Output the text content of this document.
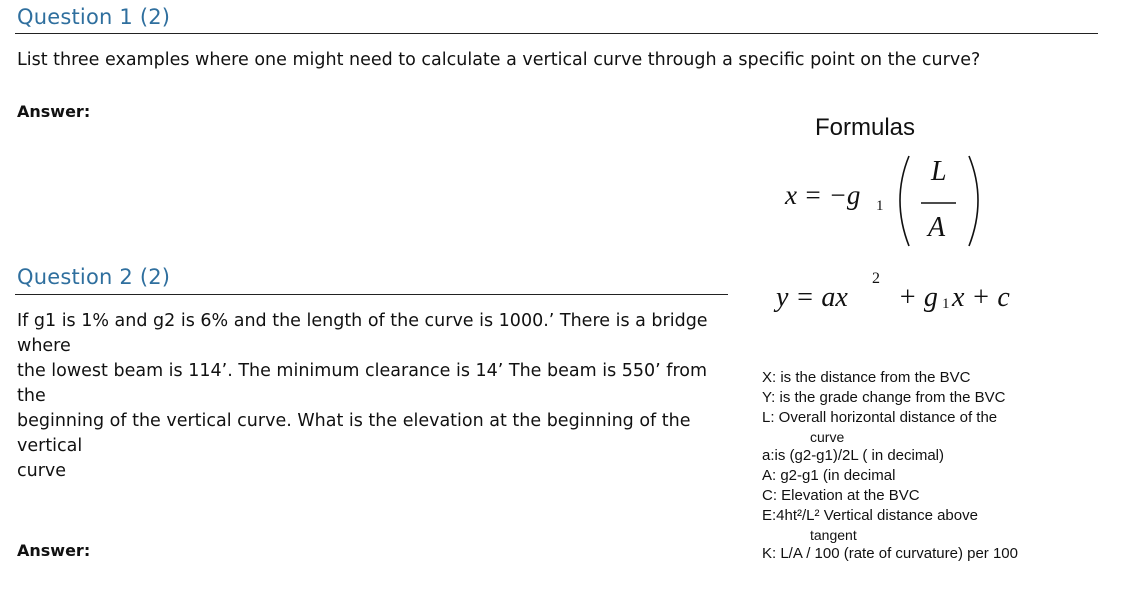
Question 1 (2)
List three examples where one might need to calculate a vertical curve through a specific point on the curve?
Answer:
Question 2 (2)
If g1 is 1% and g2 is 6% and the length of the curve is 1000.’ There is a bridge where
the lowest beam is 114’. The minimum clearance is 14’ The beam is 550’ from the
beginning of the vertical curve. What is the elevation at the beginning of the vertical
curve
Answer:
Formulas
x = −g 1
L
A
y = ax
2
+ g 1 x + c
X: is the distance from the BVC
Y: is the grade change from the BVC
L: Overall horizontal distance of the
curve
a:is (g2-g1)/2L ( in decimal)
A: g2-g1 (in decimal
C: Elevation at the BVC
E:4ht²/L² Vertical distance above
tangent
K: L/A / 100 (rate of curvature) per 100
